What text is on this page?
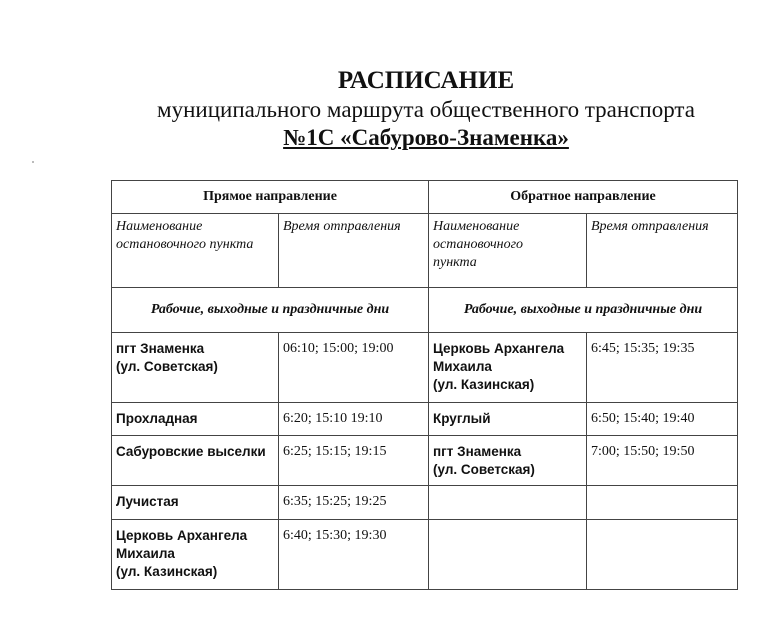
РАСПИСАНИЕ
муниципального маршрута общественного транспорта
№1С «Сабурово-Знаменка»
Прямое направление		Обратное направление	

Наименование
остановочного пункта	Время отправления	Наименование
остановочного
пункта	Время отправления
Рабочие, выходные и праздничные дни		Рабочие, выходные и праздничные дни	

пгт Знаменка
(ул. Советская)	06:10; 15:00; 19:00	Церковь Архангела
Михаила
(ул. Казинская)	6:45; 15:35; 19:35

Прохладная	6:20; 15:10 19:10	Круглый	6:50; 15:40; 19:40

Сабуровские выселки	6:25; 15:15; 19:15	пгт Знаменка
(ул. Советская)	7:00; 15:50; 19:50

Лучистая	6:35; 15:25; 19:25		

Церковь Архангела
Михаила
(ул. Казинская)	6:40; 15:30; 19:30		
